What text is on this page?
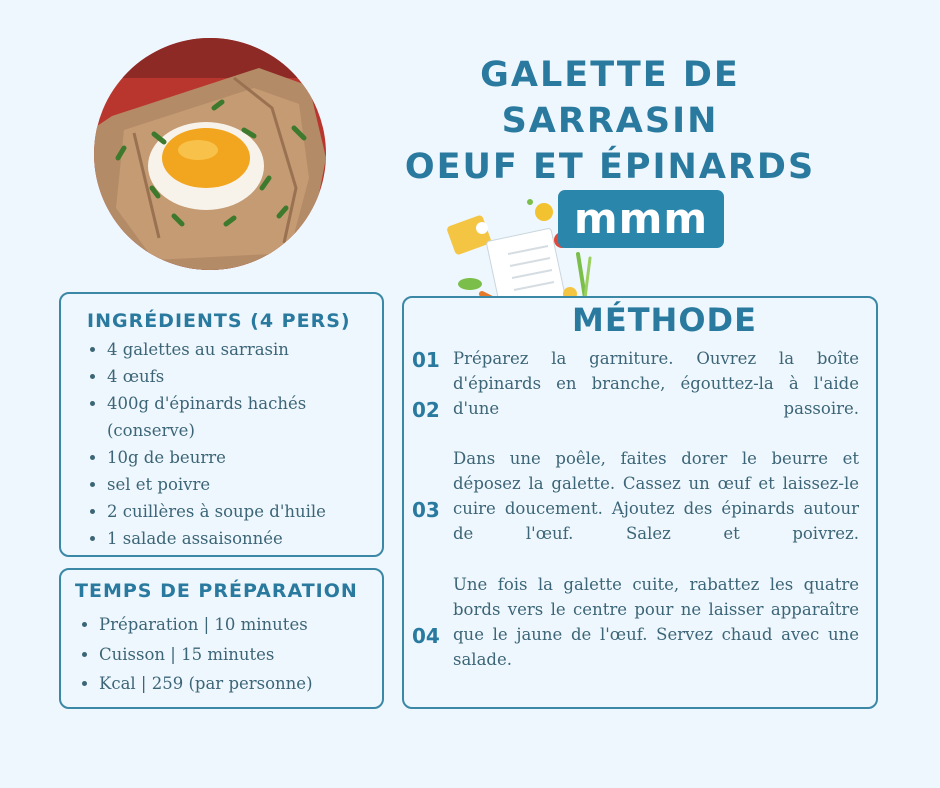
GALETTE DE SARRASIN
OEUF ET ÉPINARDS
mmm
INGRÉDIENTS (4 PERS)
• 4 galettes au sarrasin
• 4 œufs
• 400g d'épinards hachés (conserve)
• 10g de beurre
• sel et poivre
• 2 cuillères à soupe d'huile
• 1 salade assaisonnée
TEMPS DE PRÉPARATION
• Préparation | 10 minutes
• Cuisson | 15 minutes
• Kcal | 259 (par personne)
MÉTHODE
01
02
03
04

Préparez la garniture. Ouvrez la boîte d'épinards en branche, égouttez-la à l'aide d'une passoire.

Dans une poêle, faites dorer le beurre et déposez la galette. Cassez un œuf et laissez-le cuire doucement. Ajoutez des épinards autour de l'œuf. Salez et poivrez.

Une fois la galette cuite, rabattez les quatre bords vers le centre pour ne laisser apparaître que le jaune de l'œuf. Servez chaud avec une salade.
